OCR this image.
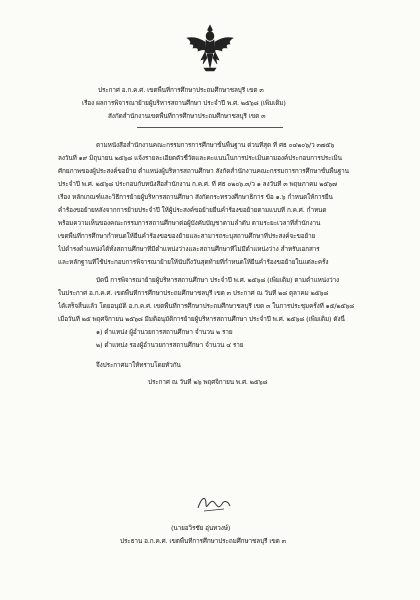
ประกาศ อ.ก.ค.ศ. เขตพื้นที่การศึกษาประถมศึกษาชลบุรี เขต ๓
เรื่อง ผลการพิจารณาย้ายผู้บริหารสถานศึกษา ประจำปี พ.ศ. ๒๕๖๘ (เพิ่มเติม)
สังกัดสำนักงานเขตพื้นที่การศึกษาประถมศึกษาชลบุรี เขต ๓
ตามหนังสือสำนักงานคณะกรรมการการศึกษาขั้นพื้นฐาน ด่วนที่สุด ที่ ศธ ๐๔๒๐๖/ว ๓๗๕๖
ลงวันที่ ๑๙ มิถุนายน ๒๕๖๘ แจ้งรายละเอียดตัวชี้วัดและคะแนนในการประเมินตามองค์ประกอบการประเมิน
ศักยภาพของผู้ประสงค์ขอย้าย ตำแหน่งผู้บริหารสถานศึกษา สังกัดสำนักงานคณะกรรมการการศึกษาขั้นพื้นฐาน
ประจำปี พ.ศ. ๒๕๖๘ ประกอบกับหนังสือสำนักงาน ก.ค.ศ. ที่ ศธ ๐๒๐๖.๓/ว ๑ ลงวันที่ ๓ พฤษภาคม ๒๕๖๗
เรื่อง หลักเกณฑ์และวิธีการย้ายผู้บริหารสถานศึกษา สังกัดกระทรวงศึกษาธิการ ข้อ ๑.๖ กำหนดให้การยื่น
คำร้องขอย้ายหลังจากการย้ายประจำปี ให้ผู้ประสงค์ขอย้ายยื่นคำร้องขอย้ายตามแบบที่ ก.ค.ศ. กำหนด
พร้อมความเห็นของคณะกรรมการสถานศึกษาต่อผู้บังคับบัญชาตามลำดับ ตามระยะเวลาที่สำนักงาน
เขตพื้นที่การศึกษากำหนดให้ยื่นคำร้องขอของย้ายและสามารถระบุสถานศึกษาที่ประสงค์จะขอย้าย
ไปดำรงตำแหน่งได้ทั้งสถานศึกษาที่มีตำแหน่งว่างและสถานศึกษาที่ไม่มีตำแหน่งว่าง สำหรับเอกสาร
และหลักฐานที่ใช้ประกอบการพิจารณาย้ายให้นับถึงวันสุดท้ายที่กำหนดให้ยื่นคำร้องขอย้ายในแต่ละครั้ง
บัดนี้ การพิจารณาย้ายผู้บริหารสถานศึกษา ประจำปี พ.ศ. ๒๕๖๘ (เพิ่มเติม) ตามตำแหน่งว่าง
ในประกาศ อ.ก.ค.ศ. เขตพื้นที่การศึกษาประถมศึกษาชลบุรี เขต ๓ ประกาศ ณ วันที่ ๒๘ ตุลาคม ๒๕๖๘
ได้เสร็จสิ้นแล้ว โดยอนุมัติ อ.ก.ค.ศ. เขตพื้นที่การศึกษาประถมศึกษาชลบุรี เขต ๓ ในการประชุมครั้งที่ ๑๕/๒๕๖๘
เมื่อวันที่ ๒๕ พฤศจิกายน ๒๕๖๘ มีมติอนุมัติการย้ายผู้บริหารสถานศึกษา ประจำปี พ.ศ. ๒๕๖๘ (เพิ่มเติม) ดังนี้
๑) ตำแหน่ง ผู้อำนวยการสถานศึกษา จำนวน ๒ ราย
๒) ตำแหน่ง รองผู้อำนวยการสถานศึกษา จำนวน ๔ ราย
จึงประกาศมาให้ทราบโดยทั่วกัน
ประกาศ ณ วันที่ ๒๖ พฤศจิกายน พ.ศ. ๒๕๖๘
(นายอวิรชัย อุ่นทวงษ์)
ประธาน อ.ก.ค.ศ. เขตพื้นที่การศึกษาประถมศึกษาชลบุรี เขต ๓
